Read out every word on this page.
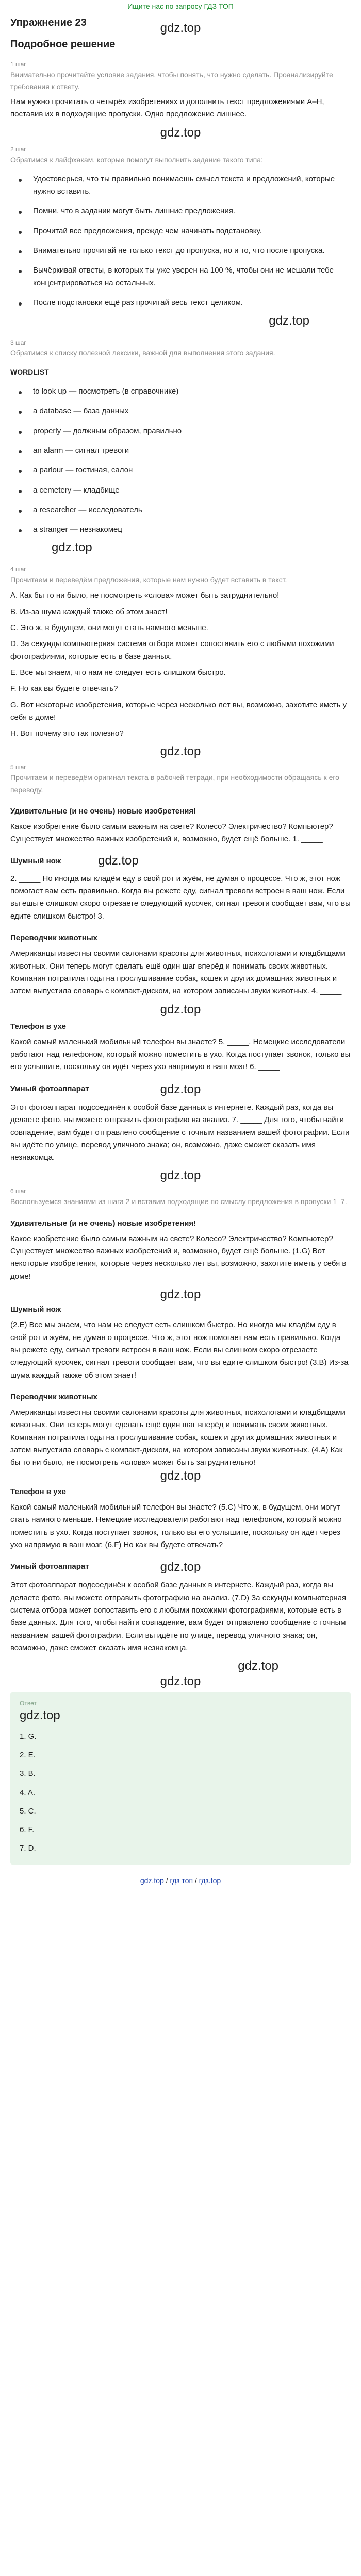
Ищите нас по запросу ГДЗ ТОП
Упражнение 23	gdz.top
Подробное решение
1 шаг
Внимательно прочитайте условие задания, чтобы понять, что нужно сделать. Проанализируйте требования к ответу.

Нам нужно прочитать о четырёх изобретениях и дополнить текст предложениями A–H, поставив их в подходящие пропуски. Одно предложение лишнее.

gdz.top
2 шаг
Обратимся к лайфхакам, которые помогут выполнить задание такого типа:
Удостоверься, что ты правильно понимаешь смысл текста и предложений, которые нужно вставить.
Помни, что в задании могут быть лишние предложения.
Прочитай все предложения, прежде чем начинать подстановку.
Внимательно прочитай не только текст до пропуска, но и то, что после пропуска.
Вычёркивай ответы, в которых ты уже уверен на 100 %, чтобы они не мешали тебе концентрироваться на остальных.
После подстановки ещё раз прочитай весь текст целиком.
gdz.top
3 шаг
Обратимся к списку полезной лексики, важной для выполнения этого задания.
WORDLIST
to look up — посмотреть (в справочнике)
a database — база данных
properly — должным образом, правильно
an alarm — сигнал тревоги
a parlour — гостиная, салон
a cemetery — кладбище
a researcher — исследователь
a stranger — незнакомец
gdz.top
4 шаг
Прочитаем и переведём предложения, которые нам нужно будет вставить в текст.

A. Как бы то ни было, не посмотреть «слова» может быть затруднительно!

B. Из-за шума каждый также об этом знает!

C. Это ж, в будущем, они могут стать намного меньше.

D. За секунды компьютерная система отбора может сопоставить его с любыми похожими фотографиями, которые есть в базе данных.

E. Все мы знаем, что нам не следует есть слишком быстро.

F. Но как вы будете отвечать?

G. Вот некоторые изобретения, которые через несколько лет вы, возможно, захотите иметь у себя в доме!

H. Вот почему это так полезно?

gdz.top
5 шаг
Прочитаем и переведём оригинал текста в рабочей тетради, при необходимости обращаясь к его переводу.
Удивительные (и не очень) новые изобретения!

Какое изобретение было самым важным на свете? Колесо? Электричество? Компьютер? Существует множество важных изобретений и, возможно, будет ещё больше. 1. _____

Шумный нож	gdz.top

2. _____ Но иногда мы кладём еду в свой рот и жуём, не думая о процессе. Что ж, этот нож помогает вам есть правильно. Когда вы режете еду, сигнал тревоги встроен в ваш нож. Если вы ешьте слишком скоро отрезаете следующий кусочек, сигнал тревоги сообщает вам, что вы едите слишком быстро! 3. _____

Переводчик животных

Американцы известны своими салонами красоты для животных, психологами и кладбищами животных. Они теперь могут сделать ещё один шаг вперёд и понимать своих животных. Компания потратила годы на прослушивание собак, кошек и других домашних животных и затем выпустила словарь с компакт-диском, на котором записаны звуки животных. 4. _____

gdz.top
Телефон в ухе

Какой самый маленький мобильный телефон вы знаете? 5. _____. Немецкие исследователи работают над телефоном, который можно поместить в ухо. Когда поступает звонок, только вы его услышите, поскольку он идёт через ухо напрямую в ваш мозг! 6. _____

Умный фотоаппарат	gdz.top

Этот фотоаппарат подсоединён к особой базе данных в интернете. Каждый раз, когда вы делаете фото, вы можете отправить фотографию на анализ. 7. _____ Для того, чтобы найти совпадение, вам будет отправлено сообщение с точным названием вашей фотографии. Если вы идёте по улице, перевод уличного знака; он, возможно, даже сможет сказать имя незнакомца.

gdz.top
6 шаг
Воспользуемся знаниями из шага 2 и вставим подходящие по смыслу предложения в пропуски 1–7.
Удивительные (и не очень) новые изобретения!

Какое изобретение было самым важным на свете? Колесо? Электричество? Компьютер? Существует множество важных изобретений и, возможно, будет ещё больше. (1.G) Вот некоторые изобретения, которые через несколько лет вы, возможно, захотите иметь у себя в доме!

gdz.top
Шумный нож

(2.E) Все мы знаем, что нам не следует есть слишком быстро. Но иногда мы кладём еду в свой рот и жуём, не думая о процессе. Что ж, этот нож помогает вам есть правильно. Когда вы режете еду, сигнал тревоги встроен в ваш нож. Если вы слишком скоро отрезаете следующий кусочек, сигнал тревоги сообщает вам, что вы едите слишком быстро! (3.B) Из-за шума каждый также об этом знает!

Переводчик животных

Американцы известны своими салонами красоты для животных, психологами и кладбищами животных. Они теперь могут сделать ещё один шаг вперёд и понимать своих животных. Компания потратила годы на прослушивание собак, кошек и других домашних животных и затем выпустила словарь с компакт-диском, на котором записаны звуки животных. (4.A) Как бы то ни было, не посмотреть «слова» может быть затруднительно!

gdz.top
Телефон в ухе

Какой самый маленький мобильный телефон вы знаете? (5.C) Что ж, в будущем, они могут стать намного меньше. Немецкие исследователи работают над телефоном, который можно поместить в ухо. Когда поступает звонок, только вы его услышите, поскольку он идёт через ухо напрямую в ваш мозг. (6.F) Но как вы будете отвечать?

Умный фотоаппарат	gdz.top

Этот фотоаппарат подсоединён к особой базе данных в интернете. Каждый раз, когда вы делаете фото, вы можете отправить фотографию на анализ. (7.D) За секунды компьютерная система отбора может сопоставить его с любыми похожими фотографиями, которые есть в базе данных. Для того, чтобы найти совпадение, вам будет отправлено сообщение с точным названием вашей фотографии. Если вы идёте по улице, перевод уличного знака; он, возможно, даже сможет сказать имя незнакомца.

gdz.top
gdz.top
Ответ
gdz.top
1. G.
2. E.
3. B.
4. A.
5. C.
6. F.
7. D.
gdz.top / гдз топ / гдз.top
